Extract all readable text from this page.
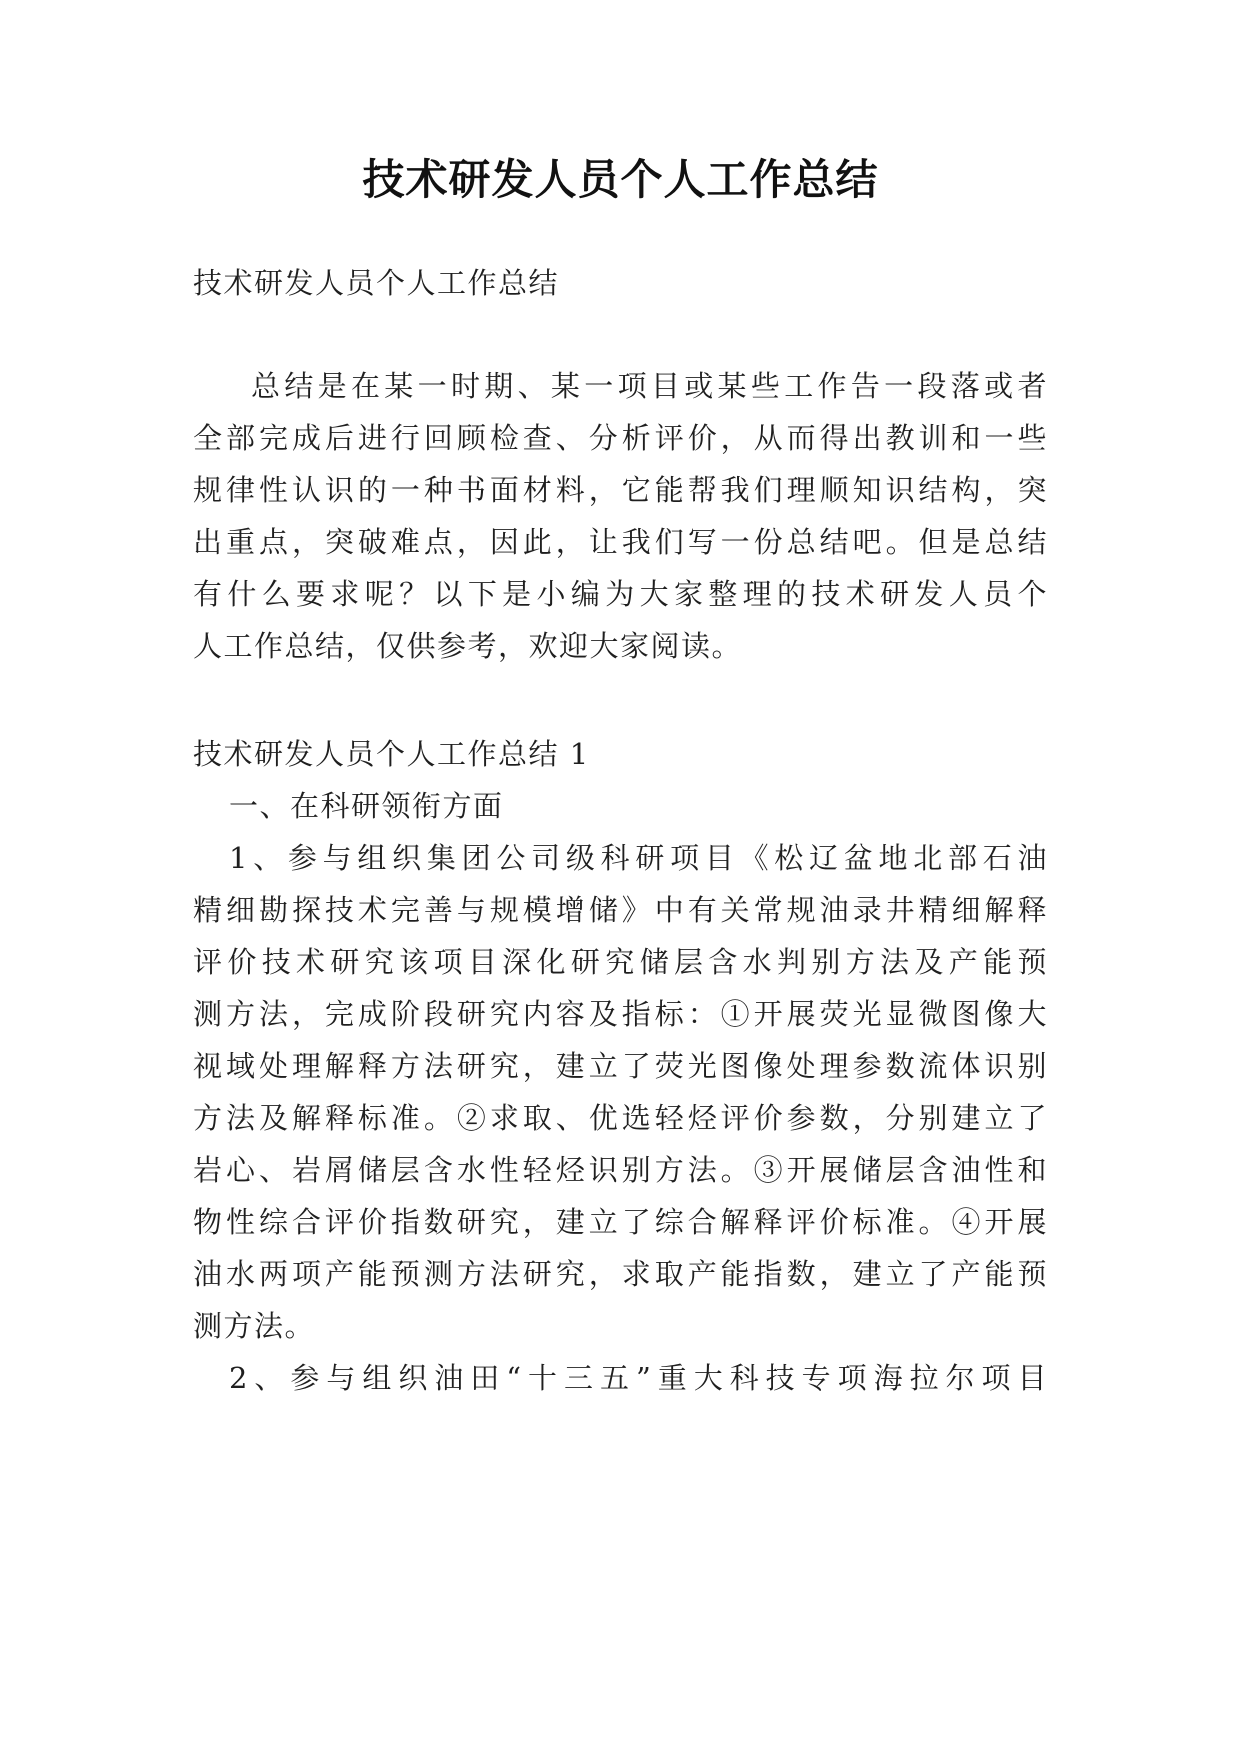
技术研发人员个人工作总结
技术研发人员个人工作总结
总结是在某一时期、某一项目或某些工作告一段落或者
全部完成后进行回顾检查、分析评价，从而得出教训和一些
规律性认识的一种书面材料，它能帮我们理顺知识结构，突
出重点，突破难点，因此，让我们写一份总结吧。但是总结
有什么要求呢？以下是小编为大家整理的技术研发人员个
人工作总结，仅供参考，欢迎大家阅读。
技术研发人员个人工作总结 1
一、在科研领衔方面
1、参与组织集团公司级科研项目《松辽盆地北部石油
精细勘探技术完善与规模增储》中有关常规油录井精细解释
评价技术研究该项目深化研究储层含水判别方法及产能预
测方法，完成阶段研究内容及指标：①开展荧光显微图像大
视域处理解释方法研究，建立了荧光图像处理参数流体识别
方法及解释标准。②求取、优选轻烃评价参数，分别建立了
岩心、岩屑储层含水性轻烃识别方法。③开展储层含油性和
物性综合评价指数研究，建立了综合解释评价标准。④开展
油水两项产能预测方法研究，求取产能指数，建立了产能预
测方法。
2、参与组织油田“十三五”重大科技专项海拉尔项目
